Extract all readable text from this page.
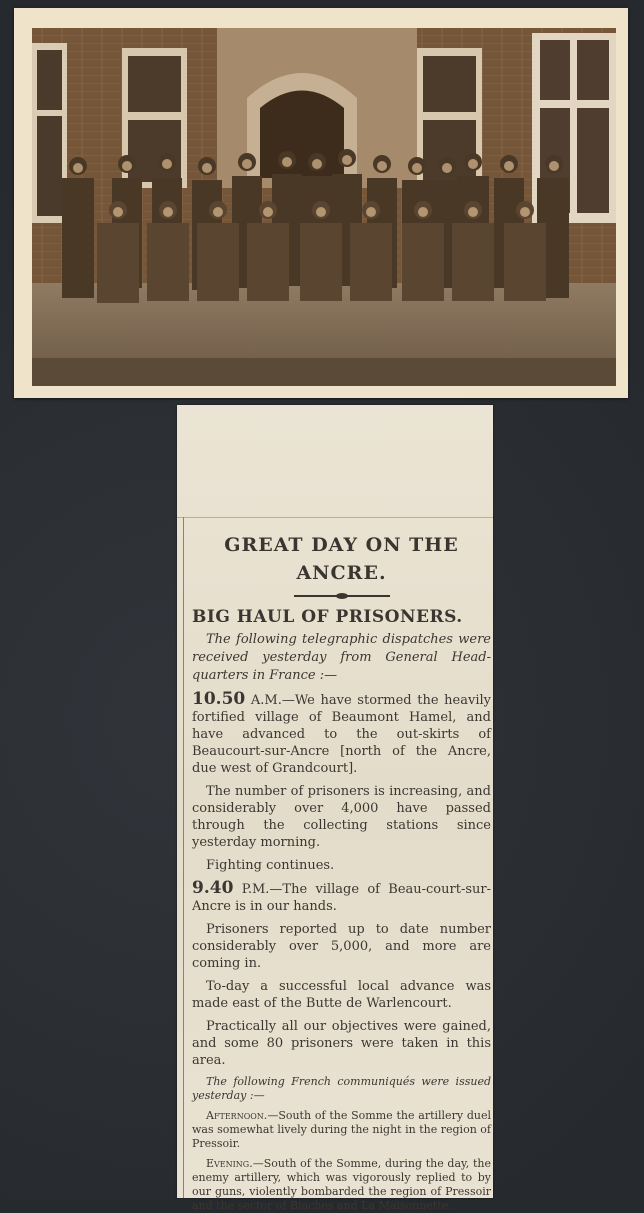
GREAT DAY ON THE
ANCRE.
BIG HAUL OF PRISONERS.

The following telegraphic dispatches were received yesterday from General Head-quarters in France :—

10.50 A.M.—We have stormed the heavily fortified village of Beaumont Hamel, and have advanced to the out-skirts of Beaucourt-sur-Ancre [north of the Ancre, due west of Grandcourt].

The number of prisoners is increasing, and considerably over 4,000 have passed through the collecting stations since yesterday morning.

Fighting continues.

9.40 P.M.—The village of Beau-court-sur-Ancre is in our hands.

Prisoners reported up to date number considerably over 5,000, and more are coming in.

To-day a successful local advance was made east of the Butte de Warlencourt.

Practically all our objectives were gained, and some 80 prisoners were taken in this area.

The following French communiqués were issued yesterday :—

Afternoon.—South of the Somme the artillery duel was somewhat lively during the night in the region of Pressoir.

Evening.—South of the Somme, during the day, the enemy artillery, which was vigorously replied to by our guns, violently bombarded the region of Pressoir and the sector of Biaches and La Maisonnette.
